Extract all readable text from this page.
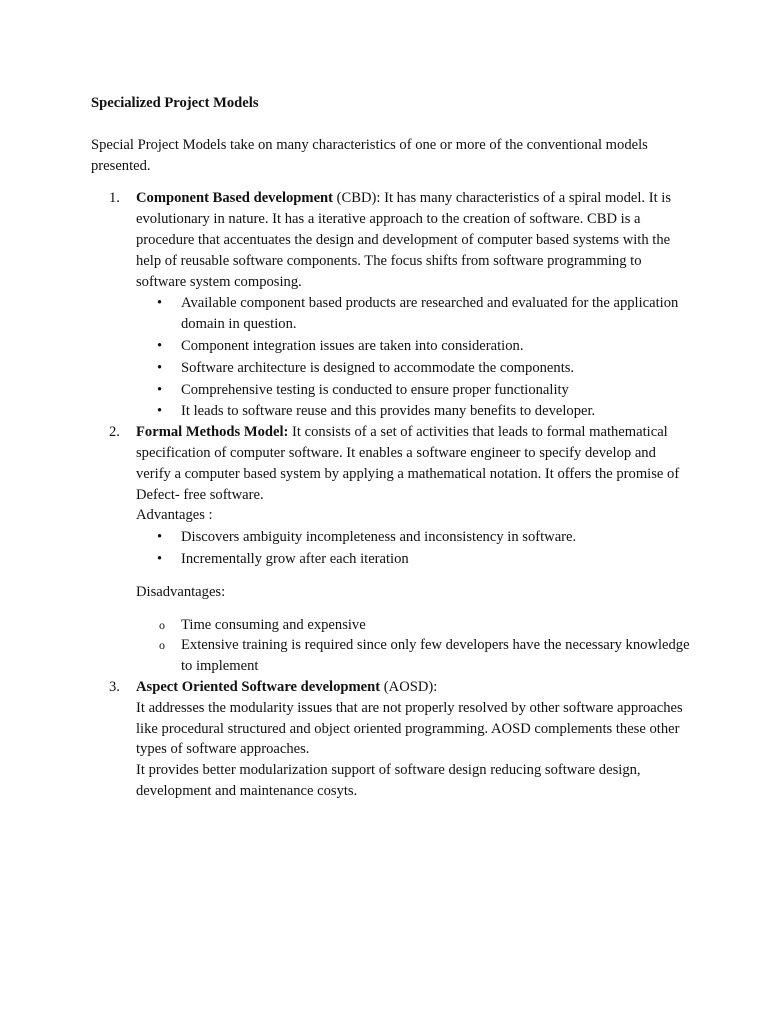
Specialized Project Models

Special Project Models take on many characteristics of one or more of the conventional models presented.

1. Component Based development (CBD): It has many characteristics of a spiral model. It is evolutionary in nature. It has a iterative approach to the creation of software. CBD is a procedure that accentuates the design and development of computer based systems with the help of reusable software components. The focus shifts from software programming to software system composing.
• Available component based products are researched and evaluated for the application domain in question.
• Component integration issues are taken into consideration.
• Software architecture is designed to accommodate the components.
• Comprehensive testing is conducted to ensure proper functionality
• It leads to software reuse and this provides many benefits to developer.
2. Formal Methods Model: It consists of a set of activities that leads to formal mathematical specification of computer software. It enables a software engineer to specify develop and verify a computer based system by applying a mathematical notation. It offers the promise of Defect- free software.
Advantages :
• Discovers ambiguity incompleteness and inconsistency in software.
• Incrementally grow after each iteration
Disadvantages:
o Time consuming and expensive
o Extensive training is required since only few developers have the necessary knowledge to implement
3. Aspect Oriented Software development (AOSD):
It addresses the modularity issues that are not properly resolved by other software approaches like procedural structured and object oriented programming. AOSD complements these other types of software approaches.
It provides better modularization support of software design reducing software design, development and maintenance cosyts.
